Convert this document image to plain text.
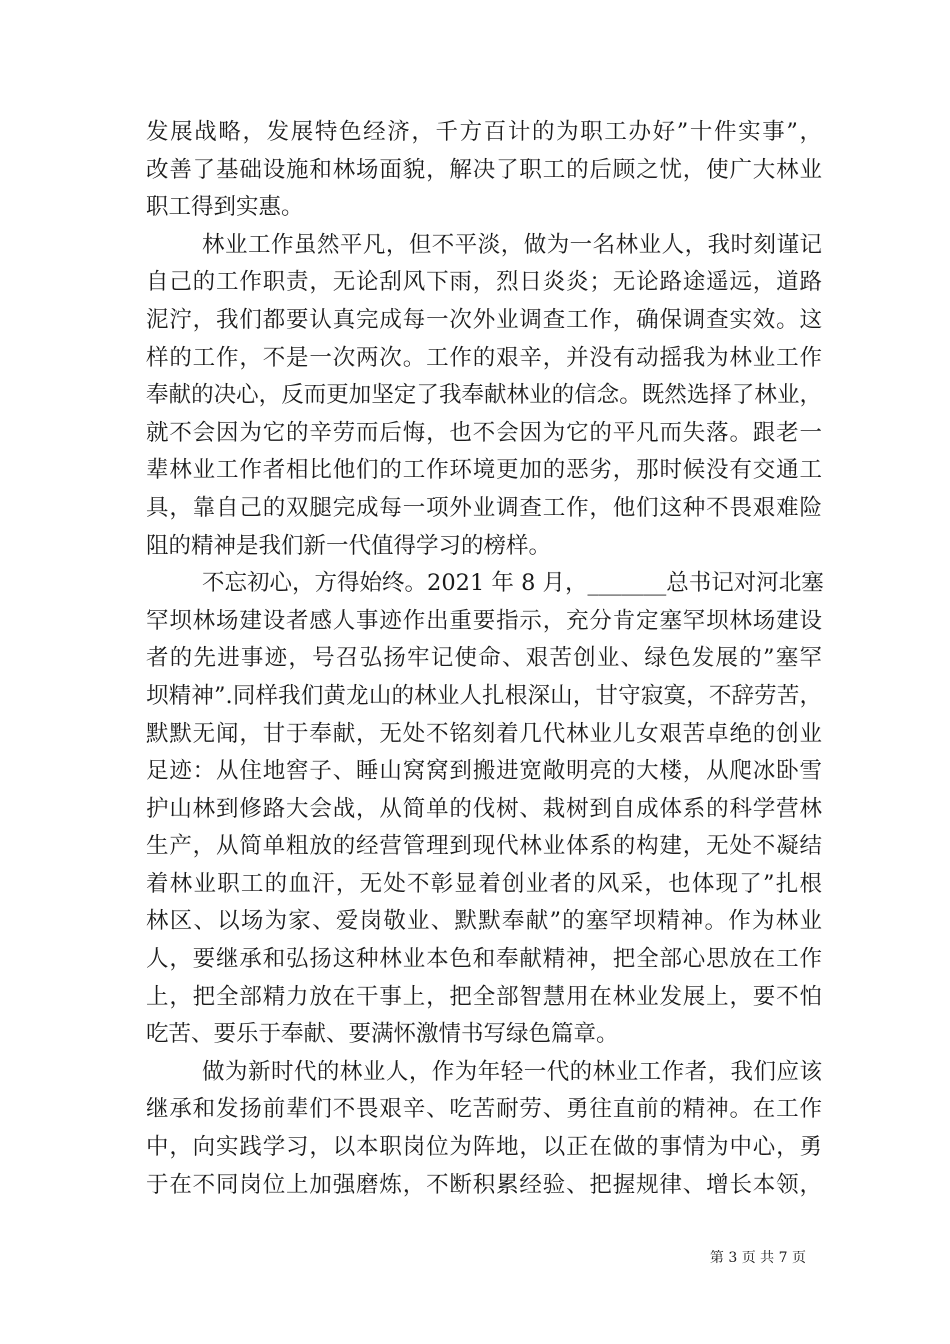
发展战略，发展特色经济，千方百计的为职工办好”十件实事”，
改善了基础设施和林场面貌，解决了职工的后顾之忧，使广大林业
职工得到实惠。
林业工作虽然平凡，但不平淡，做为一名林业人，我时刻谨记
自己的工作职责，无论刮风下雨，烈日炎炎；无论路途遥远，道路
泥泞，我们都要认真完成每一次外业调查工作，确保调查实效。这
样的工作，不是一次两次。工作的艰辛，并没有动摇我为林业工作
奉献的决心，反而更加坚定了我奉献林业的信念。既然选择了林业，
就不会因为它的辛劳而后悔，也不会因为它的平凡而失落。跟老一
辈林业工作者相比他们的工作环境更加的恶劣，那时候没有交通工
具，靠自己的双腿完成每一项外业调查工作，他们这种不畏艰难险
阻的精神是我们新一代值得学习的榜样。
不忘初心，方得始终。2021 年 8 月，_______总书记对河北塞
罕坝林场建设者感人事迹作出重要指示，充分肯定塞罕坝林场建设
者的先进事迹，号召弘扬牢记使命、艰苦创业、绿色发展的”塞罕
坝精神”.同样我们黄龙山的林业人扎根深山，甘守寂寞，不辞劳苦，
默默无闻，甘于奉献，无处不铭刻着几代林业儿女艰苦卓绝的创业
足迹：从住地窖子、睡山窝窝到搬进宽敞明亮的大楼，从爬冰卧雪
护山林到修路大会战，从简单的伐树、栽树到自成体系的科学营林
生产，从简单粗放的经营管理到现代林业体系的构建，无处不凝结
着林业职工的血汗，无处不彰显着创业者的风采，也体现了”扎根
林区、以场为家、爱岗敬业、默默奉献”的塞罕坝精神。作为林业
人，要继承和弘扬这种林业本色和奉献精神，把全部心思放在工作
上，把全部精力放在干事上，把全部智慧用在林业发展上，要不怕
吃苦、要乐于奉献、要满怀激情书写绿色篇章。
做为新时代的林业人，作为年轻一代的林业工作者，我们应该
继承和发扬前辈们不畏艰辛、吃苦耐劳、勇往直前的精神。在工作
中，向实践学习，以本职岗位为阵地，以正在做的事情为中心，勇
于在不同岗位上加强磨炼，不断积累经验、把握规律、增长本领，
第 3 页 共 7 页
